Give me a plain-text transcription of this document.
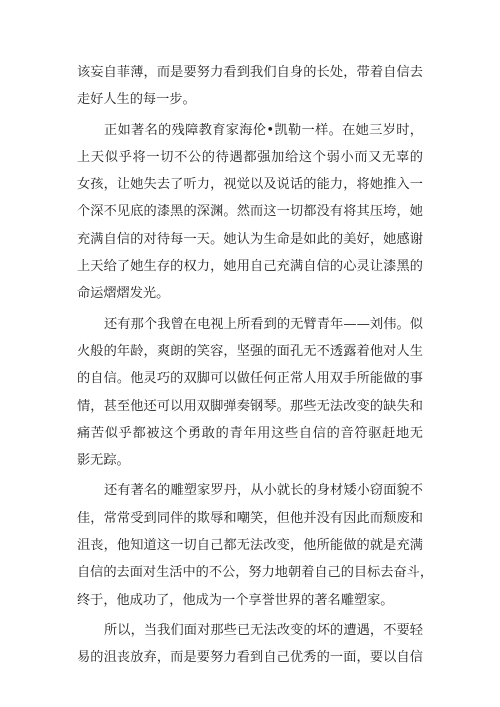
该妄自菲薄，而是要努力看到我们自身的长处，带着自信去
走好人生的每一步。
正如著名的残障教育家海伦•凯勒一样。在她三岁时，
上天似乎将一切不公的待遇都强加给这个弱小而又无辜的
女孩，让她失去了听力，视觉以及说话的能力，将她推入一
个深不见底的漆黑的深渊。然而这一切都没有将其压垮，她
充满自信的对待每一天。她认为生命是如此的美好，她感谢
上天给了她生存的权力，她用自己充满自信的心灵让漆黑的
命运熠熠发光。
还有那个我曾在电视上所看到的无臂青年——刘伟。似
火般的年龄，爽朗的笑容，坚强的面孔无不透露着他对人生
的自信。他灵巧的双脚可以做任何正常人用双手所能做的事
情，甚至他还可以用双脚弹奏钢琴。那些无法改变的缺失和
痛苦似乎都被这个勇敢的青年用这些自信的音符驱赶地无
影无踪。
还有著名的雕塑家罗丹，从小就长的身材矮小窃面貌不
佳，常常受到同伴的欺辱和嘲笑，但他并没有因此而颓废和
沮丧，他知道这一切自己都无法改变，他所能做的就是充满
自信的去面对生活中的不公，努力地朝着自己的目标去奋斗，
终于，他成功了，他成为一个享誉世界的著名雕塑家。
所以，当我们面对那些已无法改变的坏的遭遇，不要轻
易的沮丧放弃，而是要努力看到自己优秀的一面，要以自信
